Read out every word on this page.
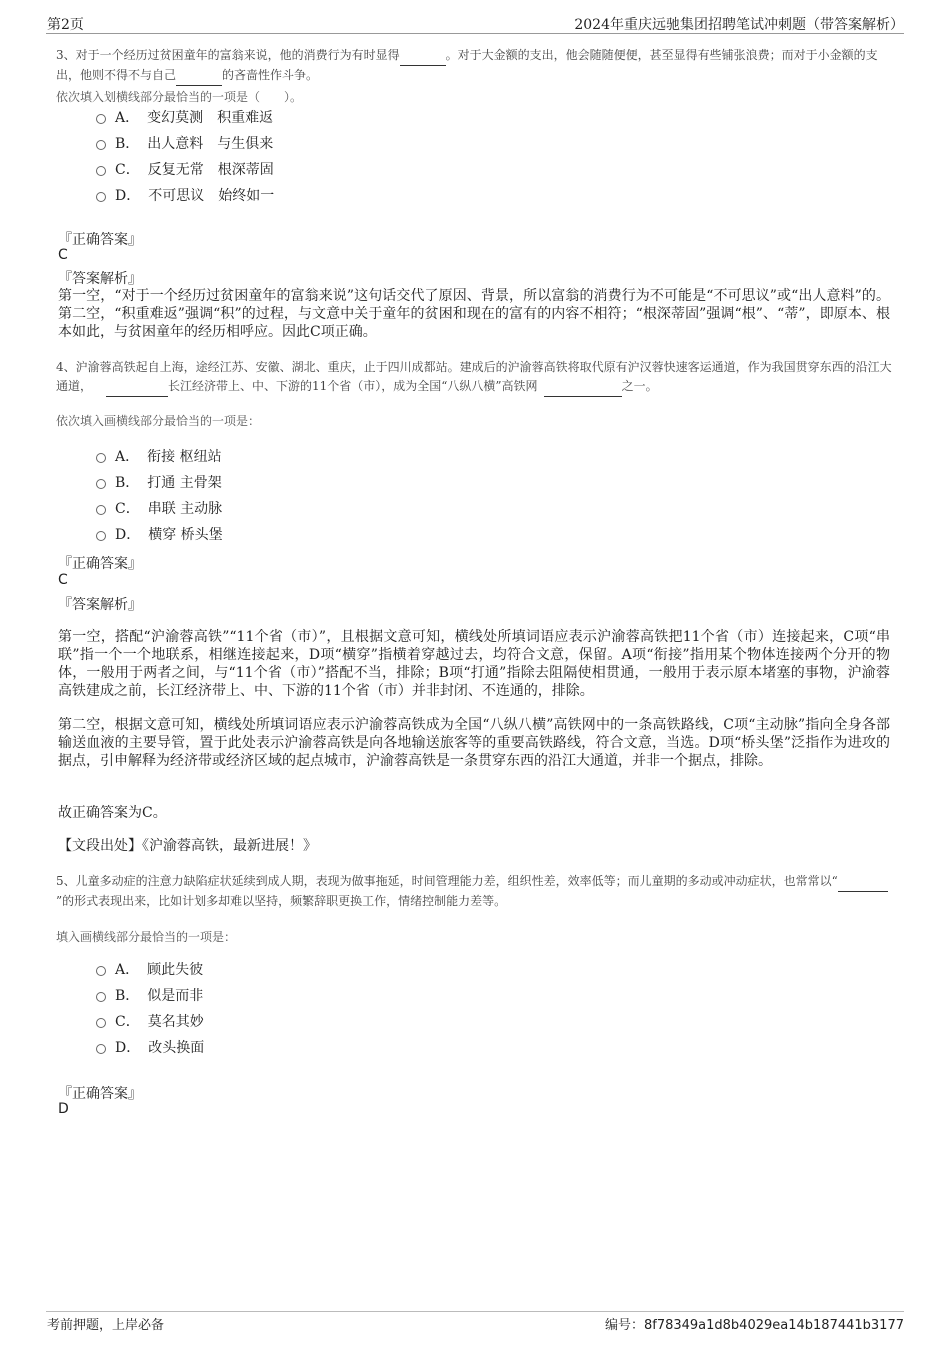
第2页	2024年重庆远驰集团招聘笔试冲刺题（带答案解析）
3、对于一个经历过贫困童年的富翁来说，他的消费行为有时显得	。对于大金额的支出，他会随随便便，甚至显得有些铺张浪费；而对于小金额的支出，他则不得不与自己	的吝啬性作斗争。
依次填入划横线部分最恰当的一项是（　　）。
A． 变幻莫测　积重难返
B． 出人意料　与生俱来
C． 反复无常　根深蒂固
D． 不可思议　始终如一
『正确答案』
C
『答案解析』
第一空，“对于一个经历过贫困童年的富翁来说”这句话交代了原因、背景，所以富翁的消费行为不可能是“不可思议”或“出人意料”的。第二空，“积重难返”强调“积”的过程，与文意中关于童年的贫困和现在的富有的内容不相符；“根深蒂固”强调“根”、“蒂”，即原本、根本如此，与贫困童年的经历相呼应。因此C项正确。
4、沪渝蓉高铁起自上海，途经江苏、安徽、湖北、重庆，止于四川成都站。建成后的沪渝蓉高铁将取代原有沪汉蓉快速客运通道，作为我国贯穿东西的沿江大通道，	长江经济带上、中、下游的11个省（市），成为全国“八纵八横”高铁网	之一。
依次填入画横线部分最恰当的一项是：
A． 衔接 枢纽站
B． 打通 主骨架
C． 串联 主动脉
D． 横穿 桥头堡
『正确答案』
C
『答案解析』
第一空，搭配“沪渝蓉高铁”“11个省（市）”，且根据文意可知，横线处所填词语应表示沪渝蓉高铁把11个省（市）连接起来，C项“串联”指一个一个地联系，相继连接起来，D项“横穿”指横着穿越过去，均符合文意，保留。A项“衔接”指用某个物体连接两个分开的物体，一般用于两者之间，与“11个省（市）”搭配不当，排除；B项“打通”指除去阻隔使相贯通，一般用于表示原本堵塞的事物，沪渝蓉高铁建成之前，长江经济带上、中、下游的11个省（市）并非封闭、不连通的，排除。
第二空，根据文意可知，横线处所填词语应表示沪渝蓉高铁成为全国“八纵八横”高铁网中的一条高铁路线，C项“主动脉”指向全身各部输送血液的主要导管，置于此处表示沪渝蓉高铁是向各地输送旅客等的重要高铁路线，符合文意，当选。D项“桥头堡”泛指作为进攻的据点，引申解释为经济带或经济区域的起点城市，沪渝蓉高铁是一条贯穿东西的沿江大通道，并非一个据点，排除。
故正确答案为C。
【文段出处】《沪渝蓉高铁，最新进展！》
5、儿童多动症的注意力缺陷症状延续到成人期，表现为做事拖延，时间管理能力差，组织性差，效率低等；而儿童期的多动或冲动症状，也常常以“ ”的形式表现出来，比如计划多却难以坚持，频繁辞职更换工作，情绪控制能力差等。
填入画横线部分最恰当的一项是：
A． 顾此失彼
B． 似是而非
C． 莫名其妙
D． 改头换面
『正确答案』
D
考前押题，上岸必备	编号：8f78349a1d8b4029ea14b187441b3177
